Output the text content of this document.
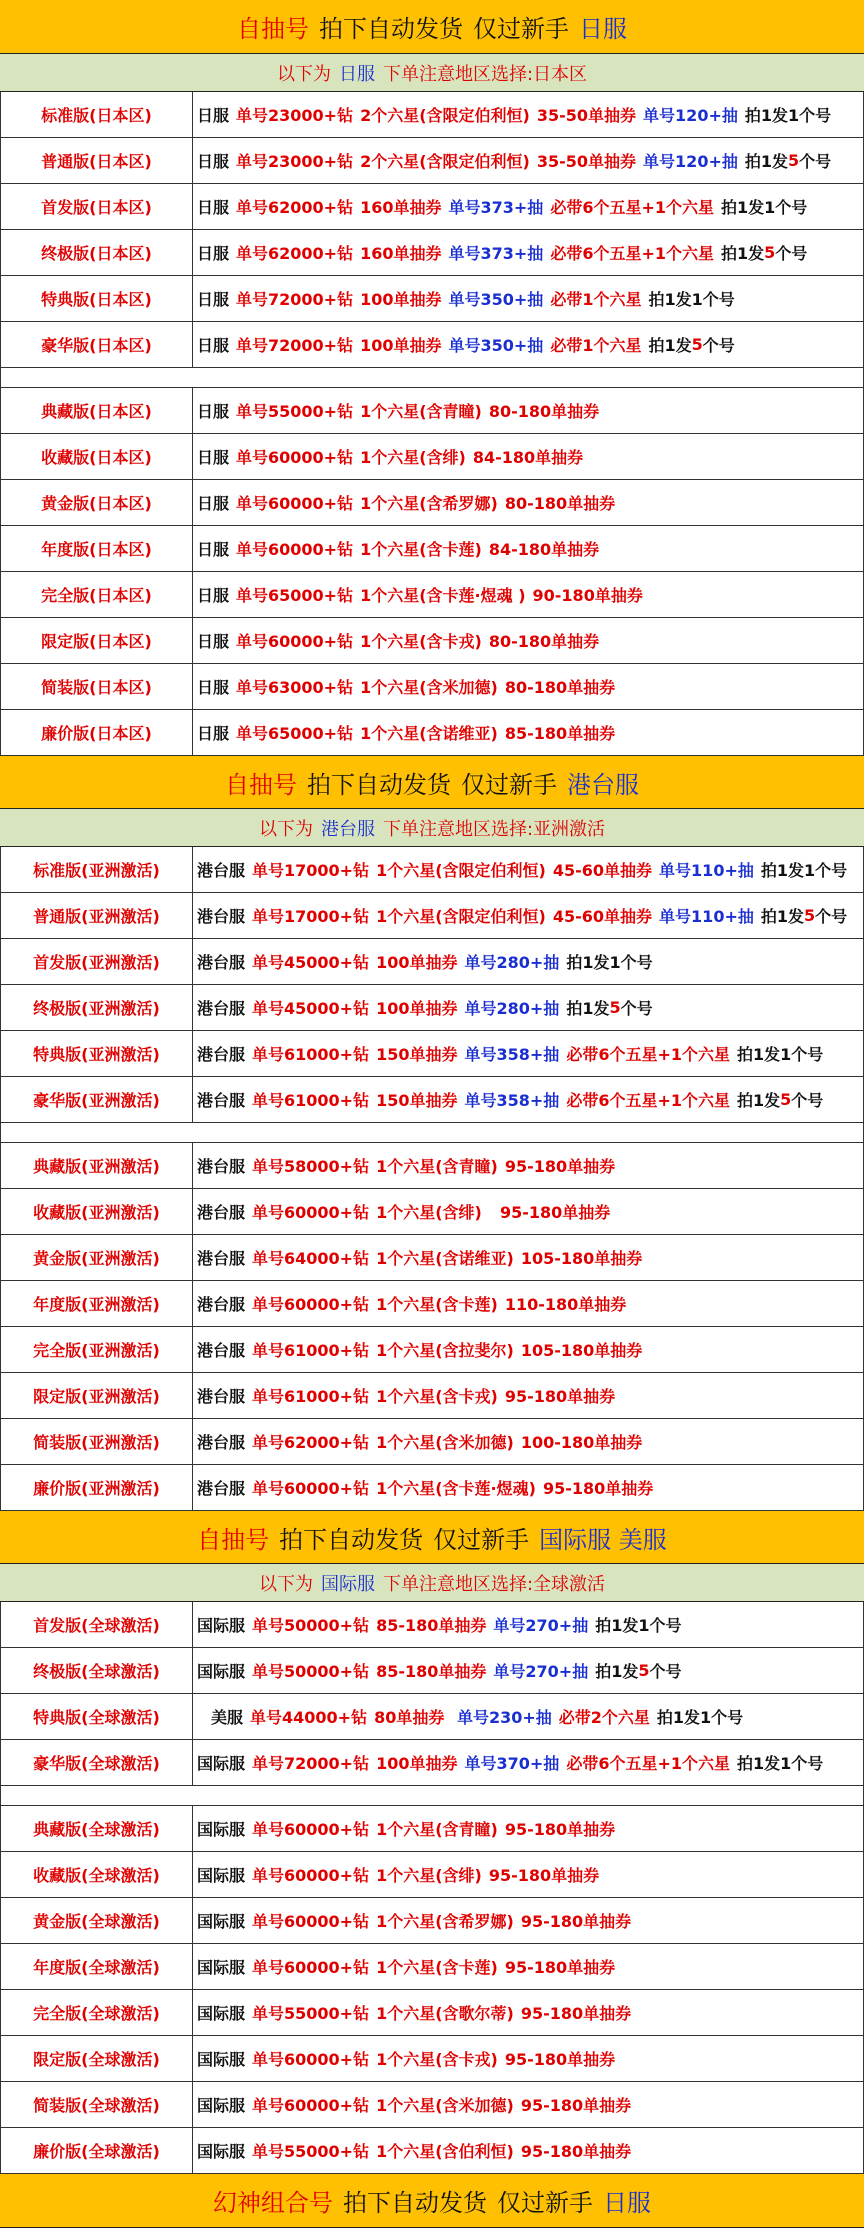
自抽号 拍下自动发货 仅过新手 日服
以下为 日服 下单注意地区选择:日本区
标准版(日本区)	日服 单号23000+钻 2个六星(含限定伯利恒) 35-50单抽券 单号120+抽 拍1发1个号
普通版(日本区)	日服 单号23000+钻 2个六星(含限定伯利恒) 35-50单抽券 单号120+抽 拍1发 5 个号
首发版(日本区)	日服 单号62000+钻 160单抽券 单号373+抽 必带6个五星+1个六星 拍1发1个号
终极版(日本区)	日服 单号62000+钻 160单抽券 单号373+抽 必带6个五星+1个六星 拍1发 5 个号
特典版(日本区)	日服 单号72000+钻 100单抽券 单号350+抽 必带1个六星 拍1发1个号
豪华版(日本区)	日服 单号72000+钻 100单抽券 单号350+抽 必带1个六星 拍1发 5 个号
典藏版(日本区)	日服 单号55000+钻 1个六星(含青瞳) 80-180单抽券
收藏版(日本区)	日服 单号60000+钻 1个六星(含绯) 84-180单抽券
黄金版(日本区)	日服 单号60000+钻 1个六星(含希罗娜) 80-180单抽券
年度版(日本区)	日服 单号60000+钻 1个六星(含卡莲) 84-180单抽券
完全版(日本区)	日服 单号65000+钻 1个六星(含卡莲·煜魂 ) 90-180单抽券
限定版(日本区)	日服 单号60000+钻 1个六星(含卡戎) 80-180单抽券
简装版(日本区)	日服 单号63000+钻 1个六星(含米加德) 80-180单抽券
廉价版(日本区)	日服 单号65000+钻 1个六星(含诺维亚) 85-180单抽券
自抽号 拍下自动发货 仅过新手 港台服
以下为 港台服 下单注意地区选择:亚洲激活
标准版(亚洲激活)	港台服 单号17000+钻 1个六星(含限定伯利恒) 45-60单抽券 单号110+抽 拍1发1个号
普通版(亚洲激活)	港台服 单号17000+钻 1个六星(含限定伯利恒) 45-60单抽券 单号110+抽 拍1发 5 个号
首发版(亚洲激活)	港台服 单号45000+钻 100单抽券 单号280+抽 拍1发1个号
终极版(亚洲激活)	港台服 单号45000+钻 100单抽券 单号280+抽 拍1发 5 个号
特典版(亚洲激活)	港台服 单号61000+钻 150单抽券 单号358+抽 必带6个五星+1个六星 拍1发1个号
豪华版(亚洲激活)	港台服 单号61000+钻 150单抽券 单号358+抽 必带6个五星+1个六星 拍1发 5 个号
典藏版(亚洲激活)	港台服 单号58000+钻 1个六星(含青瞳) 95-180单抽券
收藏版(亚洲激活)	港台服 单号60000+钻 1个六星(含绯) 95-180单抽券
黄金版(亚洲激活)	港台服 单号64000+钻 1个六星(含诺维亚) 105-180单抽券
年度版(亚洲激活)	港台服 单号60000+钻 1个六星(含卡莲) 110-180单抽券
完全版(亚洲激活)	港台服 单号61000+钻 1个六星(含拉斐尔) 105-180单抽券
限定版(亚洲激活)	港台服 单号61000+钻 1个六星(含卡戎) 95-180单抽券
简装版(亚洲激活)	港台服 单号62000+钻 1个六星(含米加德) 100-180单抽券
廉价版(亚洲激活)	港台服 单号60000+钻 1个六星(含卡莲·煜魂) 95-180单抽券
自抽号 拍下自动发货 仅过新手 国际服 美服
以下为 国际服 下单注意地区选择:全球激活
首发版(全球激活)	国际服 单号50000+钻 85-180单抽券 单号270+抽 拍1发1个号
终极版(全球激活)	国际服 单号50000+钻 85-180单抽券 单号270+抽 拍1发 5 个号
特典版(全球激活)	美服 单号44000+钻 80单抽券 单号230+抽 必带2个六星 拍1发1个号
豪华版(全球激活)	国际服 单号72000+钻 100单抽券 单号370+抽 必带6个五星+1个六星 拍1发1个号
典藏版(全球激活)	国际服 单号60000+钻 1个六星(含青瞳) 95-180单抽券
收藏版(全球激活)	国际服 单号60000+钻 1个六星(含绯) 95-180单抽券
黄金版(全球激活)	国际服 单号60000+钻 1个六星(含希罗娜) 95-180单抽券
年度版(全球激活)	国际服 单号60000+钻 1个六星(含卡莲) 95-180单抽券
完全版(全球激活)	国际服 单号55000+钻 1个六星(含歌尔蒂) 95-180单抽券
限定版(全球激活)	国际服 单号60000+钻 1个六星(含卡戎) 95-180单抽券
简装版(全球激活)	国际服 单号60000+钻 1个六星(含米加德) 95-180单抽券
廉价版(全球激活)	国际服 单号55000+钻 1个六星(含伯利恒) 95-180单抽券
幻神组合号 拍下自动发货 仅过新手 日服
